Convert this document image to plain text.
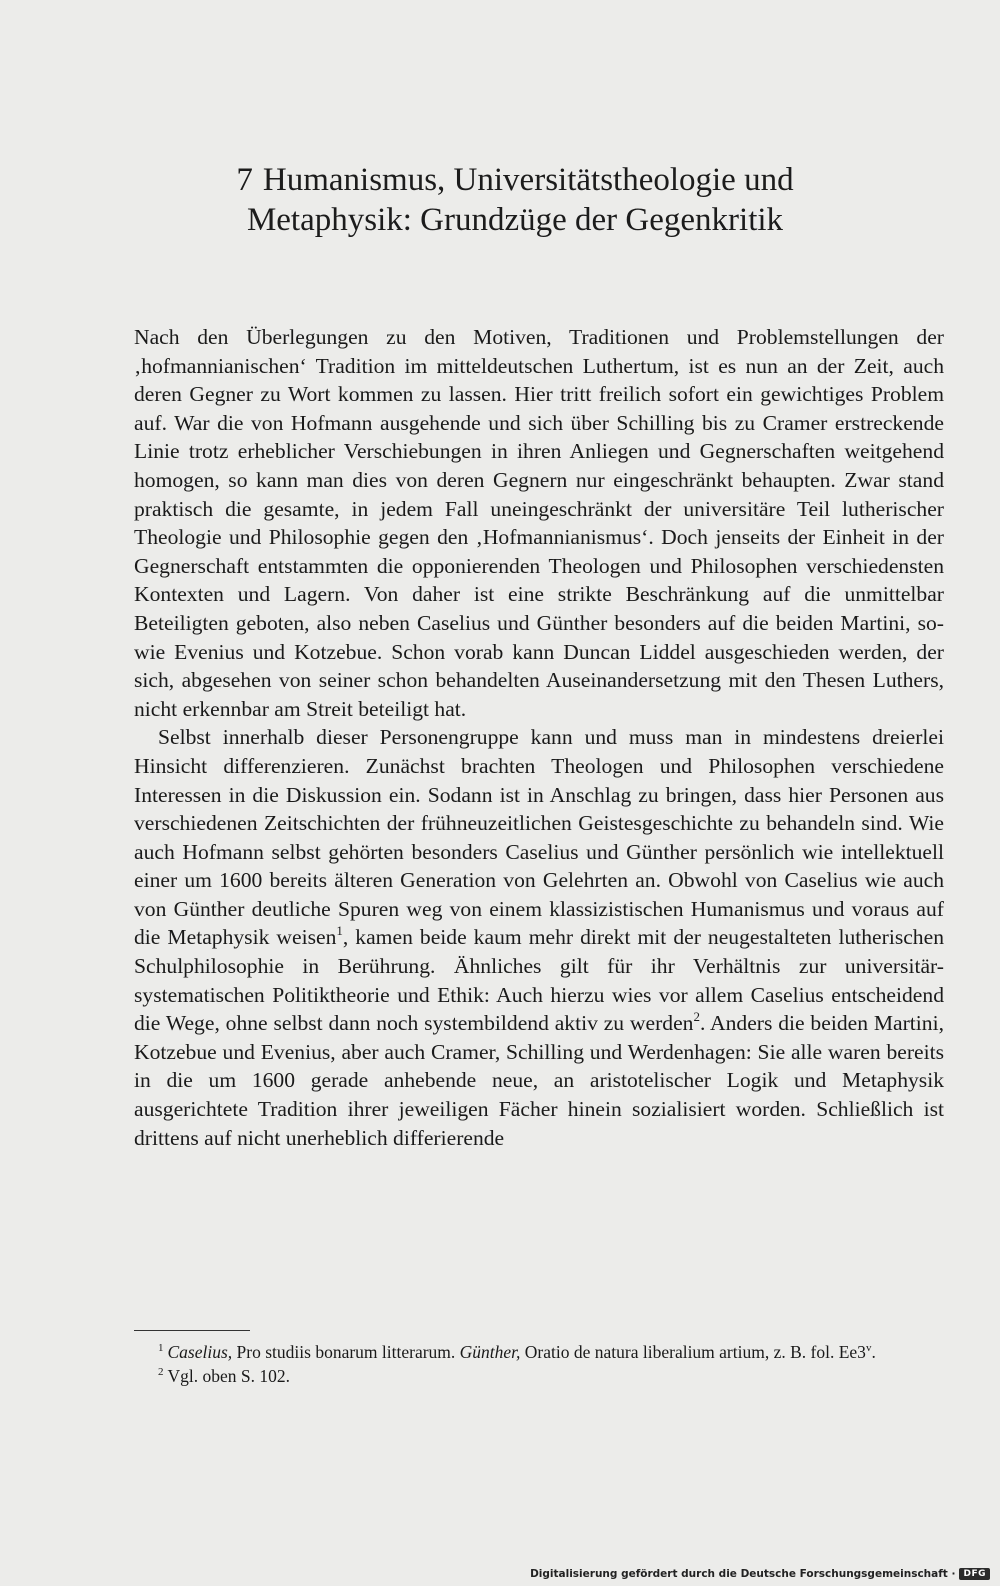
7 Humanismus, Universitätstheologie und
Metaphysik: Grundzüge der Gegenkritik

Nach den Überlegungen zu den Motiven, Traditionen und Problemstellungen der ‚hofmannianischen‘ Tradition im mitteldeutschen Luthertum, ist es nun an der Zeit, auch deren Gegner zu Wort kommen zu lassen. Hier tritt freilich sofort ein gewichtiges Problem auf. War die von Hofmann ausgehende und sich über Schilling bis zu Cramer erstreckende Linie trotz erheblicher Verschiebungen in ihren Anliegen und Gegnerschaften weitgehend homogen, so kann man dies von deren Gegnern nur eingeschränkt behaupten. Zwar stand praktisch die gesamte, in jedem Fall uneingeschränkt der universitäre Teil lutherischer Theologie und Philosophie gegen den ‚Hofmannianismus‘. Doch jenseits der Einheit in der Gegnerschaft entstammten die opponierenden Theologen und Philosophen verschiedensten Kontexten und Lagern. Von daher ist eine strikte Beschränkung auf die unmittelbar Beteiligten geboten, also neben Caselius und Günther besonders auf die beiden Martini, sowie Evenius und Kotzebue. Schon vorab kann Duncan Liddel ausgeschieden werden, der sich, abgesehen von seiner schon behandelten Auseinandersetzung mit den Thesen Luthers, nicht erkennbar am Streit beteiligt hat.

Selbst innerhalb dieser Personengruppe kann und muss man in mindestens dreierlei Hinsicht differenzieren. Zunächst brachten Theologen und Philosophen verschiedene Interessen in die Diskussion ein. Sodann ist in Anschlag zu bringen, dass hier Personen aus verschiedenen Zeitschichten der frühneuzeitlichen Geistesgeschichte zu behandeln sind. Wie auch Hofmann selbst gehörten besonders Caselius und Günther persönlich wie intellektuell einer um 1600 bereits älteren Generation von Gelehrten an. Obwohl von Caselius wie auch von Günther deutliche Spuren weg von einem klassizistischen Humanismus und voraus auf die Metaphysik weisen$^1$, kamen beide kaum mehr direkt mit der neugestalteten lutherischen Schulphilosophie in Berührung. Ähnliches gilt für ihr Verhältnis zur universitär-systematischen Politiktheorie und Ethik: Auch hierzu wies vor allem Caselius entscheidend die Wege, ohne selbst dann noch systembildend aktiv zu werden$^2$. Anders die beiden Martini, Kotzebue und Evenius, aber auch Cramer, Schilling und Werdenhagen: Sie alle waren bereits in die um 1600 gerade anhebende neue, an aristotelischer Logik und Metaphysik ausgerichtete Tradition ihrer jeweiligen Fächer hinein sozialisiert worden. Schließlich ist drittens auf nicht unerheblich differierende

$^1$ Caselius, Pro studiis bonarum litterarum. Günther, Oratio de natura liberalium artium, z. B. fol. Ee3$^v$.

$^2$ Vgl. oben S. 102.

Digitalisierung gefördert durch die Deutsche Forschungsgemeinschaft · DFG
